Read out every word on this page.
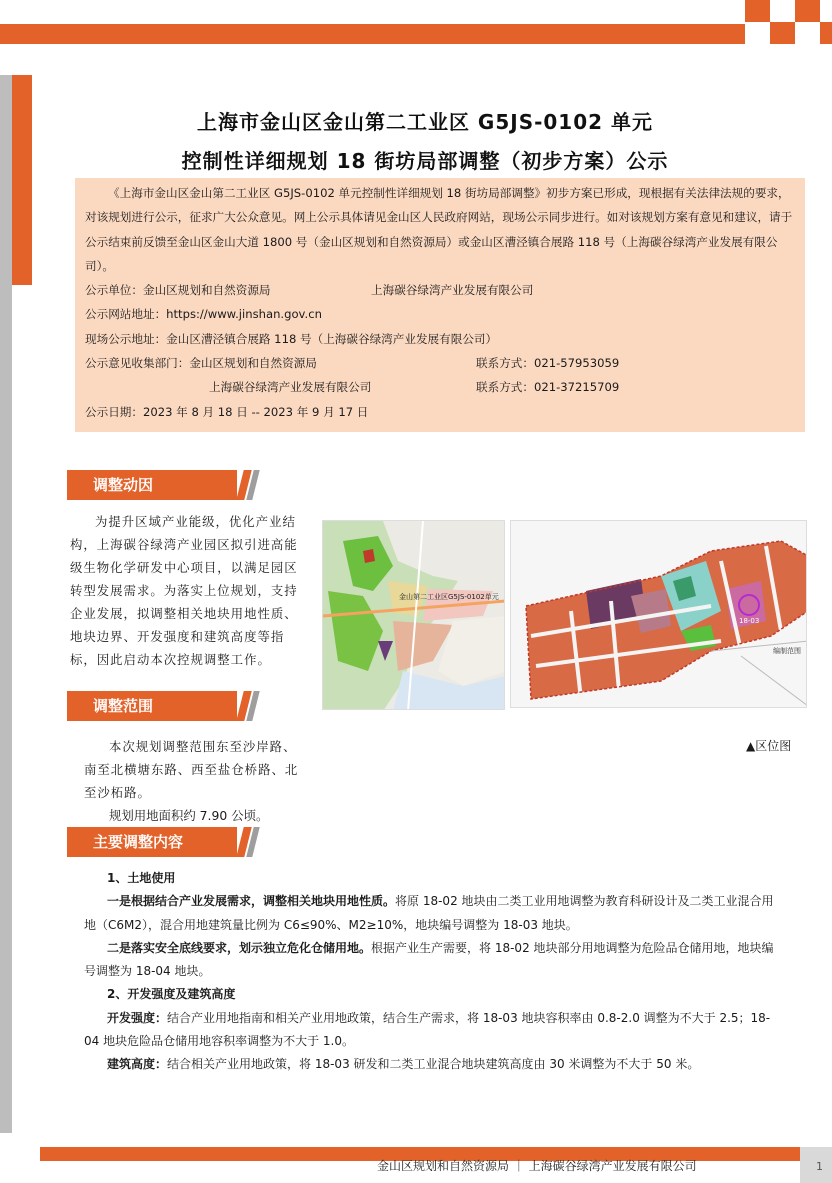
上海市金山区金山第二工业区 G5JS-0102 单元
控制性详细规划 18 街坊局部调整（初步方案）公示

《上海市金山区金山第二工业区 G5JS-0102 单元控制性详细规划 18 街坊局部调整》初步方案已形成，现根据有关法律法规的要求，对该规划进行公示，征求广大公众意见。网上公示具体请见金山区人民政府网站，现场公示同步进行。如对该规划方案有意见和建议，请于公示结束前反馈至金山区金山大道 1800 号（金山区规划和自然资源局）或金山区漕泾镇合展路 118 号（上海碳谷绿湾产业发展有限公司）。

公示单位：金山区规划和自然资源局	上海碳谷绿湾产业发展有限公司
公示网站地址：https://www.jinshan.gov.cn
现场公示地址：金山区漕泾镇合展路 118 号（上海碳谷绿湾产业发展有限公司）
公示意见收集部门：金山区规划和自然资源局	联系方式：021-57953059
上海碳谷绿湾产业发展有限公司	联系方式：021-37215709
公示日期：2023 年 8 月 18 日 -- 2023 年 9 月 17 日
调整动因

为提升区域产业能级，优化产业结构，上海碳谷绿湾产业园区拟引进高能级生物化学研发中心项目，以满足园区转型发展需求。为落实上位规划，支持企业发展，拟调整相关地块用地性质、地块边界、开发强度和建筑高度等指标，因此启动本次控规调整工作。

调整范围

本次规划调整范围东至沙岸路、南至北横塘东路、西至盐仓桥路、北至沙柘路。

规划用地面积约 7.90 公顷。

金山第二工业区G5JS-0102单元
18-03
编制范围
▲区位图
主要调整内容

1、土地使用

一是根据结合产业发展需求，调整相关地块用地性质。将原 18-02 地块由二类工业用地调整为教育科研设计及二类工业混合用地（C6M2），混合用地建筑量比例为 C6≤90%、M2≥10%，地块编号调整为 18-03 地块。

二是落实安全底线要求，划示独立危化仓储用地。根据产业生产需要，将 18-02 地块部分用地调整为危险品仓储用地，地块编号调整为 18-04 地块。

2、开发强度及建筑高度

开发强度：结合产业用地指南和相关产业用地政策，结合生产需求，将 18-03 地块容积率由 0.8-2.0 调整为不大于 2.5；18-04 地块危险品仓储用地容积率调整为不大于 1.0。

建筑高度：结合相关产业用地政策，将 18-03 研发和二类工业混合地块建筑高度由 30 米调整为不大于 50 米。

金山区规划和自然资源局 ｜ 上海碳谷绿湾产业发展有限公司	1
